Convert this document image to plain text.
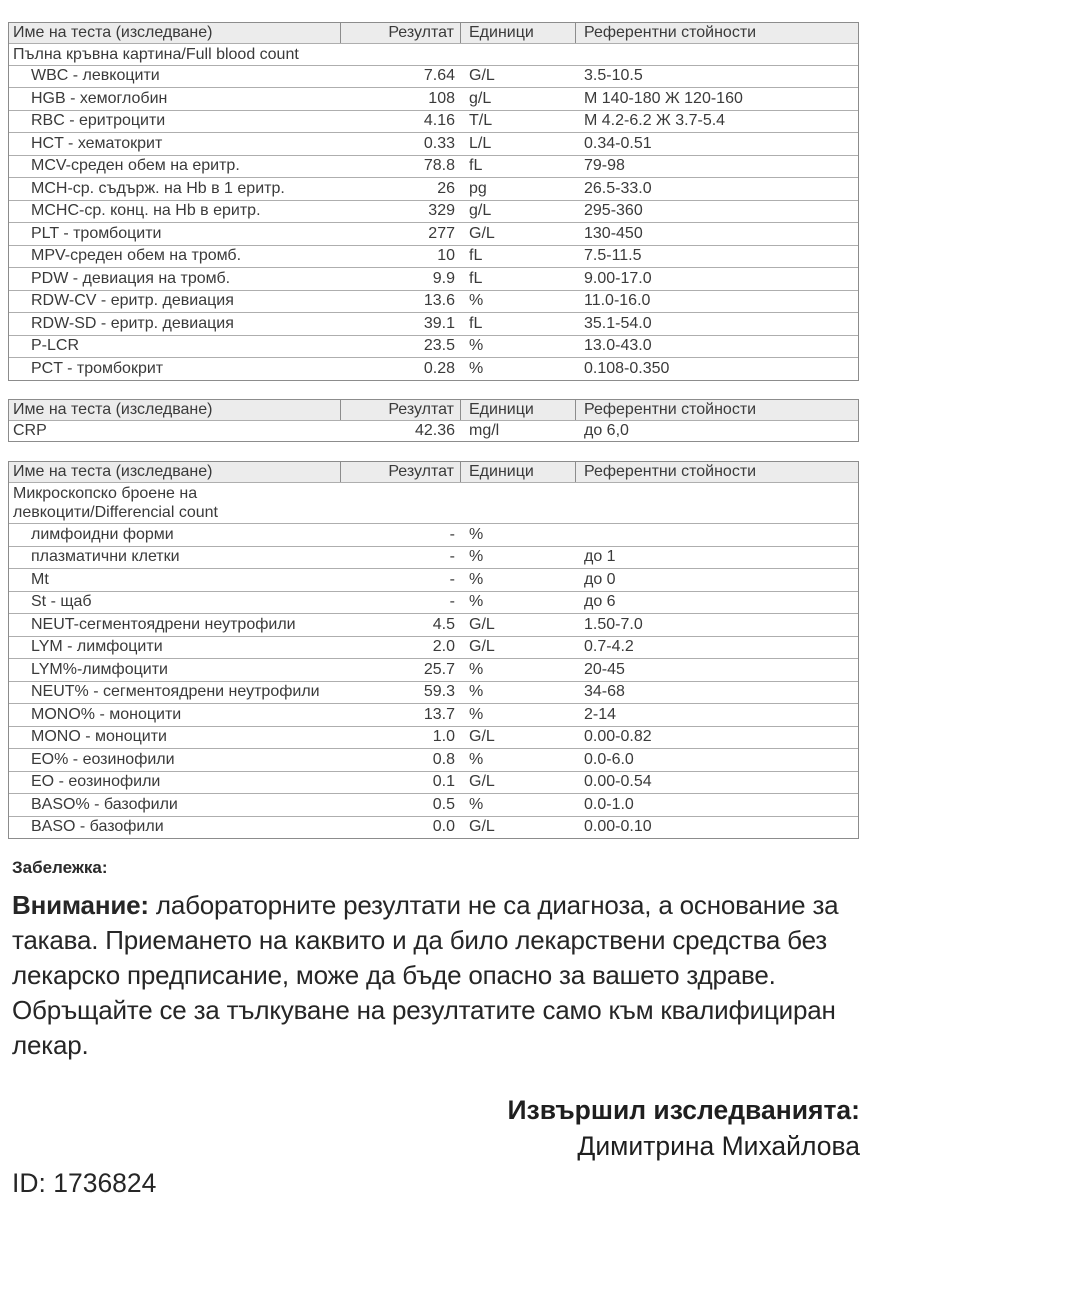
Име на теста (изследване)	Резултат Единици	Референтни стойности
Пълна кръвна картина/Full blood count
WBC - левкоцити	7.64 G/L	3.5-10.5
HGB - хемоглобин	108 g/L	М 140-180 Ж 120-160
RBC - еритроцити	4.16 T/L	М 4.2-6.2 Ж 3.7-5.4
HCT - хематокрит	0.33 L/L	0.34-0.51
MCV-среден обем на еритр.	78.8 fL	79-98
MCH-ср. съдърж. на Hb в 1 еритр.	26 pg	26.5-33.0
MCHC-ср. конц. на Hb в еритр.	329 g/L	295-360
PLT - тромбоцити	277 G/L	130-450
MPV-среден обем на тромб.	10 fL	7.5-11.5
PDW - девиация на тромб.	9.9 fL	9.00-17.0
RDW-CV - еритр. девиация	13.6 %	11.0-16.0
RDW-SD - еритр. девиация	39.1 fL	35.1-54.0
P-LCR	23.5 %	13.0-43.0
PCT - тромбокрит	0.28 %	0.108-0.350
Име на теста (изследване)	Резултат Единици	Референтни стойности
CRP	42.36 mg/l	до 6,0
Име на теста (изследване)	Резултат Единици	Референтни стойности
Микроскопско броене на
левкоцити/Differencial count
лимфоидни форми	- %
плазматични клетки	- %	до 1
Mt	- %	до 0
St - щаб	- %	до 6
NEUT-сегментоядрени неутрофили	4.5 G/L	1.50-7.0
LYM - лимфоцити	2.0 G/L	0.7-4.2
LYM%-лимфоцити	25.7 %	20-45
NEUT% - сегментоядрени неутрофили	59.3 %	34-68
MONO% - моноцити	13.7 %	2-14
MONO - моноцити	1.0 G/L	0.00-0.82
EO% - еозинофили	0.8 %	0.0-6.0
EO - еозинофили	0.1 G/L	0.00-0.54
BASO% - базофили	0.5 %	0.0-1.0
BASO - базофили	0.0 G/L	0.00-0.10
Забележка:
Внимание: лабораторните резултати не са диагноза, а основание за такава. Приемането на каквито и да било лекарствени средства без лекарско предписание, може да бъде опасно за вашето здраве. Обръщайте се за тълкуване на резултатите само към квалифициран лекар.
Извършил изследванията:
Димитрина Михайлова
ID: 1736824
